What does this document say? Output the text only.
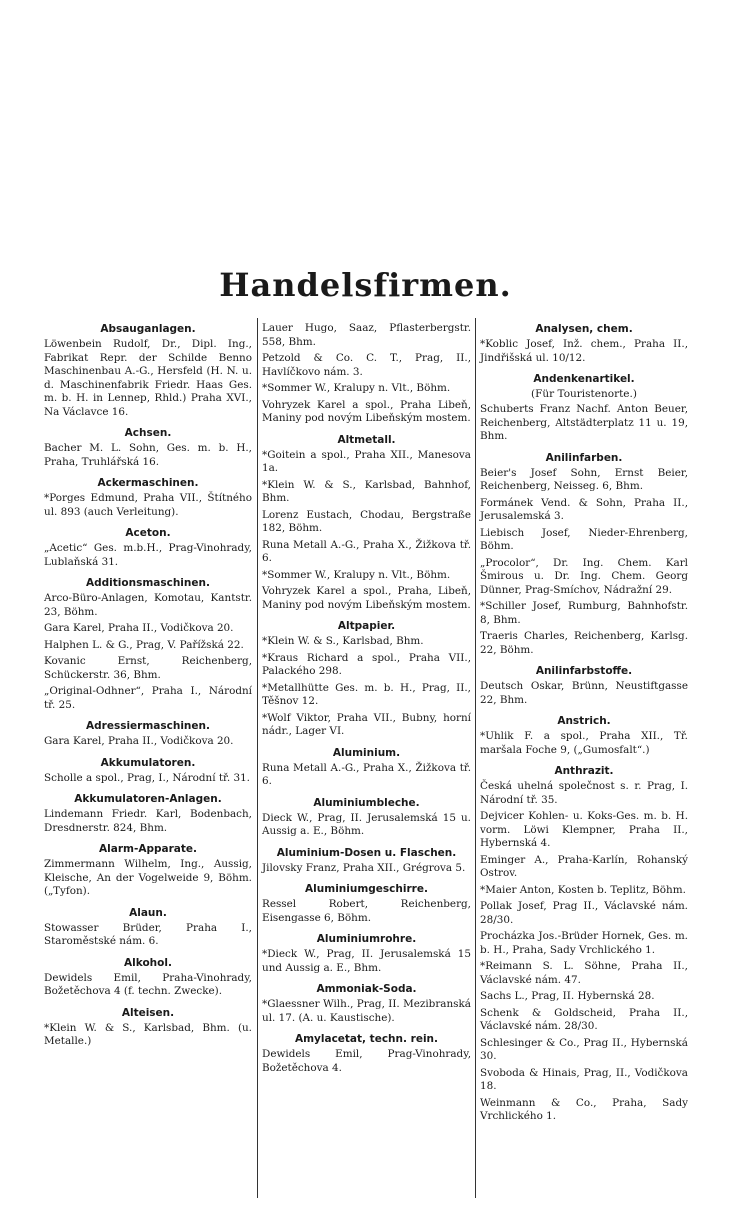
Handelsfirmen.
Absauganlagen.

Löwenbein Rudolf, Dr., Dipl. Ing., Fabrikat Repr. der Schilde Benno Maschinenbau A.-G., Hersfeld (H. N. u. d. Maschinenfabrik Friedr. Haas Ges. m. b. H. in Lennep, Rhld.) Praha XVI., Na Václavce 16.

Achsen.

Bacher M. L. Sohn, Ges. m. b. H., Praha, Truhlářská 16.

Ackermaschinen.

*Porges Edmund, Praha VII., Štítného ul. 893 (auch Verleitung).

Aceton.

„Acetic“ Ges. m.b.H., Prag-Vinohrady, Lublaňská 31.

Additionsmaschinen.

Arco-Büro-Anlagen, Komotau, Kantstr. 23, Böhm.

Gara Karel, Praha II., Vodičkova 20.

Halphen L. & G., Prag, V. Pařížská 22.

Kovanic Ernst, Reichenberg, Schückerstr. 36, Bhm.

„Original-Odhner“, Praha I., Národní tř. 25.

Adressiermaschinen.

Gara Karel, Praha II., Vodičkova 20.

Akkumulatoren.

Scholle a spol., Prag, I., Národní tř. 31.

Akkumulatoren-Anlagen.

Lindemann Friedr. Karl, Bodenbach, Dresdnerstr. 824, Bhm.

Alarm-Apparate.

Zimmermann Wilhelm, Ing., Aussig, Kleische, An der Vogelweide 9, Böhm. („Tyfon).

Alaun.

Stowasser Brüder, Praha I., Staroměstské nám. 6.

Alkohol.

Dewidels Emil, Praha-Vinohrady, Božetěchova 4 (f. techn. Zwecke).

Alteisen.

*Klein W. & S., Karlsbad, Bhm. (u. Metalle.)

Lauer Hugo, Saaz, Pflasterbergstr. 558, Bhm.

Petzold & Co. C. T., Prag, II., Havlíčkovo nám. 3.

*Sommer W., Kralupy n. Vlt., Böhm.

Vohryzek Karel a spol., Praha Libeň, Maniny pod novým Libeňským mostem.

Altmetall.

*Goitein a spol., Praha XII., Manesova 1a.

*Klein W. & S., Karlsbad, Bahnhof, Bhm.

Lorenz Eustach, Chodau, Bergstraße 182, Böhm.

Runa Metall A.-G., Praha X., Žižkova tř. 6.

*Sommer W., Kralupy n. Vlt., Böhm.

Vohryzek Karel a spol., Praha, Libeň, Maniny pod novým Libeňským mostem.

Altpapier.

*Klein W. & S., Karlsbad, Bhm.

*Kraus Richard a spol., Praha VII., Palackého 298.

*Metallhütte Ges. m. b. H., Prag, II., Těšnov 12.

*Wolf Viktor, Praha VII., Bubny, horní nádr., Lager VI.

Aluminium.

Runa Metall A.-G., Praha X., Žižkova tř. 6.

Aluminiumbleche.

Dieck W., Prag, II. Jerusalemská 15 u. Aussig a. E., Böhm.

Aluminium-Dosen u. Flaschen.

Jilovsky Franz, Praha XII., Grégrova 5.

Aluminiumgeschirre.

Ressel Robert, Reichenberg, Eisengasse 6, Böhm.

Aluminiumrohre.

*Dieck W., Prag, II. Jerusalemská 15 und Aussig a. E., Bhm.

Ammoniak-Soda.

*Glaessner Wilh., Prag, II. Mezibranská ul. 17. (A. u. Kaustische).

Amylacetat, techn. rein.

Dewidels Emil, Prag-Vinohrady, Božetěchova 4.

Analysen, chem.

*Koblic Josef, Inž. chem., Praha II., Jindřišská ul. 10/12.

Andenkenartikel.
(Für Touristenorte.)

Schuberts Franz Nachf. Anton Beuer, Reichenberg, Altstädterplatz 11 u. 19, Bhm.

Anilinfarben.

Beier's Josef Sohn, Ernst Beier, Reichenberg, Neisseg. 6, Bhm.

Formánek Vend. & Sohn, Praha II., Jerusalemská 3.

Liebisch Josef, Nieder-Ehrenberg, Böhm.

„Procolor“, Dr. Ing. Chem. Karl Šmirous u. Dr. Ing. Chem. Georg Dünner, Prag-Smíchov, Nádražní 29.

*Schiller Josef, Rumburg, Bahnhofstr. 8, Bhm.

Traeris Charles, Reichenberg, Karlsg. 22, Böhm.

Anilinfarbstoffe.

Deutsch Oskar, Brünn, Neustiftgasse 22, Bhm.

Anstrich.

*Uhlik F. a spol., Praha XII., Tř. maršala Foche 9, („Gumosfalt“.)

Anthrazit.

Česká uhelná společnost s. r. Prag, I. Národní tř. 35.

Dejvicer Kohlen- u. Koks-Ges. m. b. H. vorm. Löwi Klempner, Praha II., Hybernská 4.

Eminger A., Praha-Karlín, Rohanský Ostrov.

*Maier Anton, Kosten b. Teplitz, Böhm.

Pollak Josef, Prag II., Václavské nám. 28/30.

Procházka Jos.-Brüder Hornek, Ges. m. b. H., Praha, Sady Vrchlického 1.

*Reimann S. L. Söhne, Praha II., Václavské nám. 47.

Sachs L., Prag, II. Hybernská 28.

Schenk & Goldscheid, Praha II., Václavské nám. 28/30.

Schlesinger & Co., Prag II., Hybernská 30.

Svoboda & Hinais, Prag, II., Vodičkova 18.

Weinmann & Co., Praha, Sady Vrchlického 1.
